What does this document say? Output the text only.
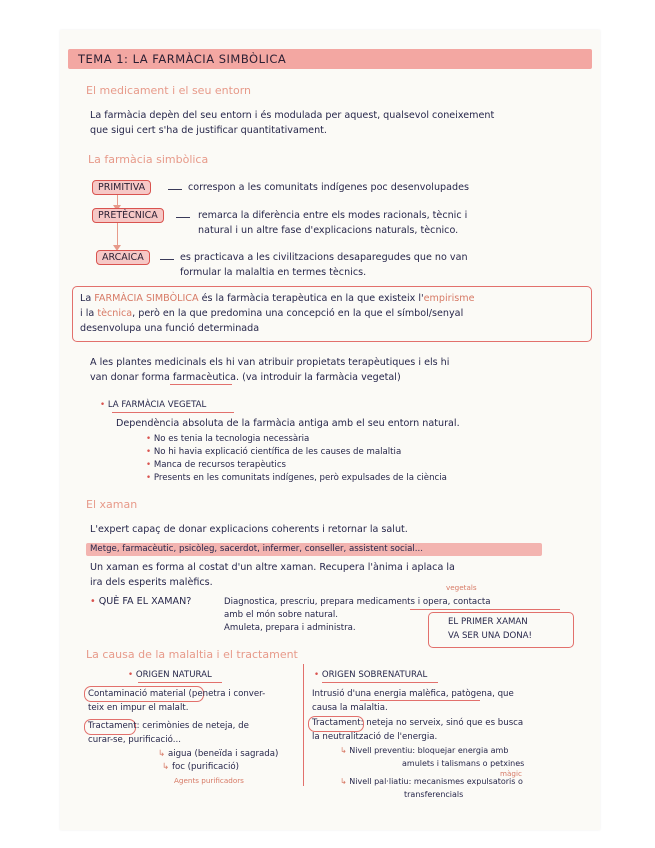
TEMA 1: LA FARMÀCIA SIMBÒLICA
El medicament i el seu entorn
La farmàcia depèn del seu entorn i és modulada per aquest, qualsevol coneixement
que sigui cert s'ha de justificar quantitativament.
La farmàcia simbòlica
PRIMITIVA	correspon a les comunitats indígenes poc desenvolupades
PRETÈCNICA	remarca la diferència entre els modes racionals, tècnic i
natural i un altre fase d'explicacions naturals, tècnico.
ARCAICA	es practicava a les civilitzacions desaparegudes que no van
formular la malaltia en termes tècnics.
La FARMÀCIA SIMBÒLICA és la farmàcia terapèutica en la que existeix l'empirisme
i la tècnica, però en la que predomina una concepció en la que el símbol/senyal
desenvolupa una funció determinada
A les plantes medicinals els hi van atribuir propietats terapèutiques i els hi
van donar forma farmacèutica. (va introduir la farmàcia vegetal)
• LA FARMÀCIA VEGETAL
Dependència absoluta de la farmàcia antiga amb el seu entorn natural.
• No es tenia la tecnologia necessària
• No hi havia explicació científica de les causes de malaltia
• Manca de recursos terapèutics
• Presents en les comunitats indígenes, però expulsades de la ciència
El xaman
L'expert capaç de donar explicacions coherents i retornar la salut.
Metge, farmacèutic, psicòleg, sacerdot, infermer, conseller, assistent social...
Un xaman es forma al costat d'un altre xaman. Recupera l'ànima i aplaca la
ira dels esperits malèfics.	vegetals
• QUÈ FA EL XAMAN?	Diagnostica, prescriu, prepara medicaments i opera, contacta
amb el món sobre natural.
Amuleta, prepara i administra.
EL PRIMER XAMAN
VA SER UNA DONA!
La causa de la malaltia i el tractament
• ORIGEN NATURAL
Contaminació material (penetra i conver-
teix en impur el malalt.
Tractament: cerimònies de neteja, de
curar-se, purificació...
↳ aigua (beneïda i sagrada)
↳ foc (purificació)
Agents purificadors
• ORIGEN SOBRENATURAL
Intrusió d'una energia malèfica, patògena, que
causa la malaltia.
Tractament: neteja no serveix, sinó que es busca
la neutralització de l'energia.
↳ Nivell preventiu: bloquejar energia amb
amulets i talismans o petxines
màgic
↳ Nivell pal·liatiu: mecanismes expulsatoris o
transferencials
